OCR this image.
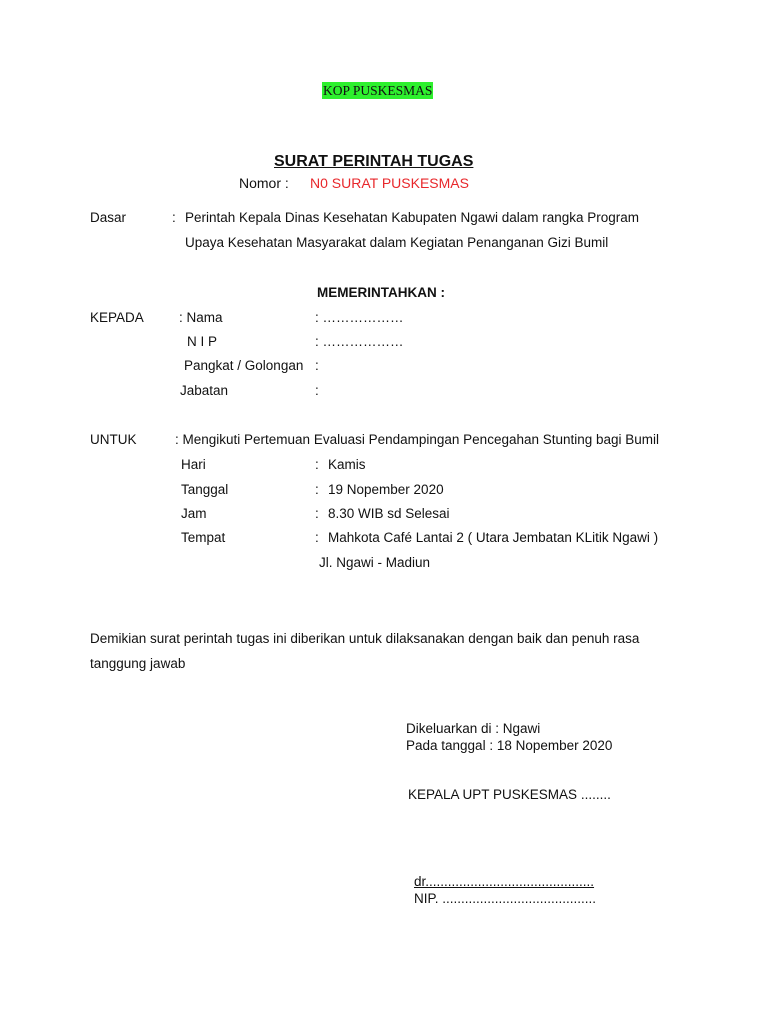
KOP PUSKESMAS
SURAT PERINTAH TUGAS
Nomor : N0 SURAT PUSKESMAS
Dasar	: Perintah Kepala Dinas Kesehatan Kabupaten Ngawi dalam rangka Program
Upaya Kesehatan Masyarakat dalam Kegiatan Penanganan Gizi Bumil
MEMERINTAHKAN :
KEPADA	: Nama	: ………………
N I P	: ………………
Pangkat / Golongan :
Jabatan	:
UNTUK	: Mengikuti Pertemuan Evaluasi Pendampingan Pencegahan Stunting bagi Bumil
Hari	: Kamis
Tanggal	: 19 Nopember 2020
Jam	: 8.30 WIB sd Selesai
Tempat	: Mahkota Café Lantai 2 ( Utara Jembatan KLitik Ngawi )
Jl. Ngawi - Madiun
Demikian surat perintah tugas ini diberikan untuk dilaksanakan dengan baik dan penuh rasa
tanggung jawab
Dikeluarkan di : Ngawi
Pada tanggal : 18 Nopember 2020
KEPALA UPT PUSKESMAS ........
dr.............................................
NIP. .........................................
